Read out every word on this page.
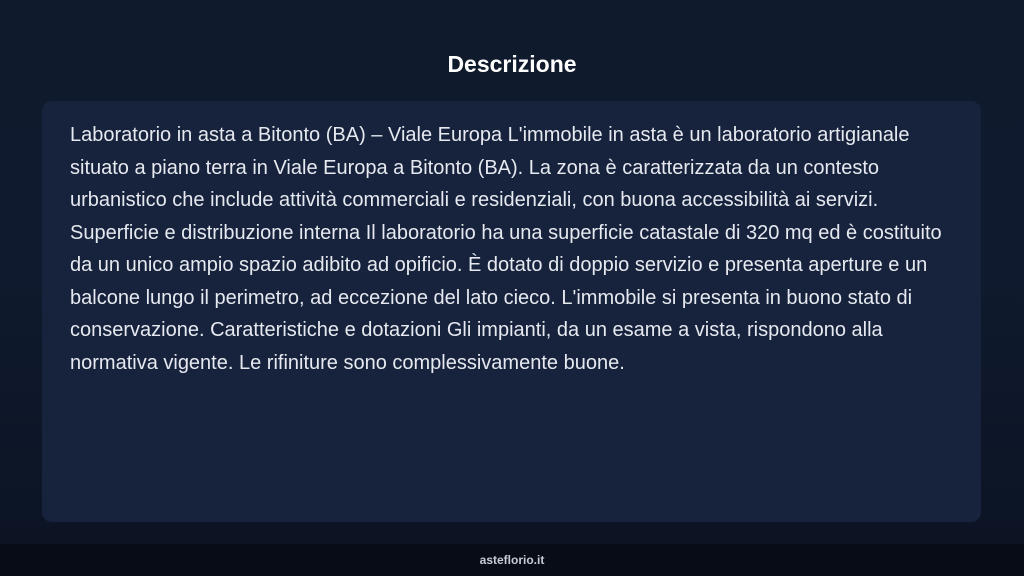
Descrizione

Laboratorio in asta a Bitonto (BA) – Viale Europa L'immobile in asta è un laboratorio artigianale situato a piano terra in Viale Europa a Bitonto (BA). La zona è caratterizzata da un contesto urbanistico che include attività commerciali e residenziali, con buona accessibilità ai servizi. Superficie e distribuzione interna Il laboratorio ha una superficie catastale di 320 mq ed è costituito da un unico ampio spazio adibito ad opificio. È dotato di doppio servizio e presenta aperture e un balcone lungo il perimetro, ad eccezione del lato cieco. L'immobile si presenta in buono stato di conservazione. Caratteristiche e dotazioni Gli impianti, da un esame a vista, rispondono alla normativa vigente. Le rifiniture sono complessivamente buone.

asteflorio.it
